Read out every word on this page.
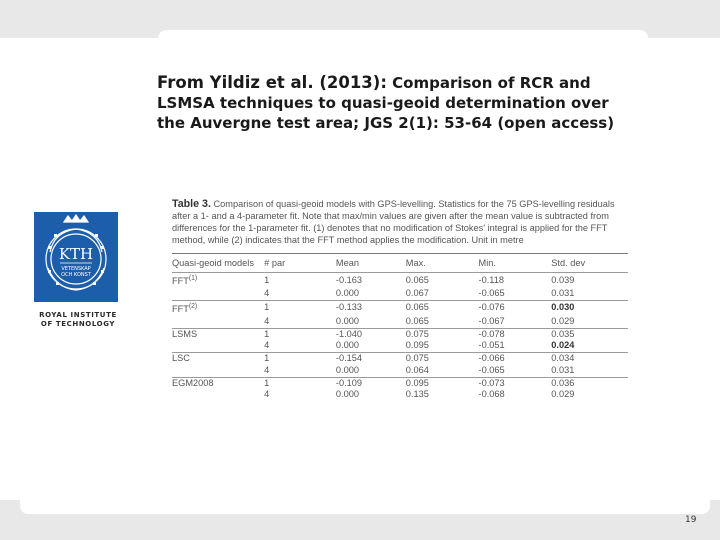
From Yildiz et al. (2013): Comparison of RCR and LSMSA techniques to quasi-geoid determination over the Auvergne test area; JGS 2(1): 53-64 (open access)
KTH
VETENSKAP
OCH KONST
ROYAL INSTITUTE
OF TECHNOLOGY
Table 3. Comparison of quasi-geoid models with GPS-levelling. Statistics for the 75 GPS-levelling residuals after a 1- and a 4-parameter fit. Note that max/min values are given after the mean value is subtracted from differences for the 1-parameter fit. (1) denotes that no modification of Stokes' integral is applied for the FFT method, while (2) indicates that the FFT method applies the modification. Unit in metre
Quasi-geoid models	# par	Mean	Max.	Min.	Std. dev
FFT$^{(1)}$	1	-0.163	0.065	-0.118	0.039
	4	0.000	0.067	-0.065	0.031
FFT$^{(2)}$	1	-0.133	0.065	-0.076	0.030
	4	0.000	0.065	-0.067	0.029
LSMS	1	-1.040	0.075	-0.078	0.035
	4	0.000	0.095	-0.051	0.024
LSC	1	-0.154	0.075	-0.066	0.034
	4	0.000	0.064	-0.065	0.031
EGM2008	1	-0.109	0.095	-0.073	0.036
	4	0.000	0.135	-0.068	0.029
19
